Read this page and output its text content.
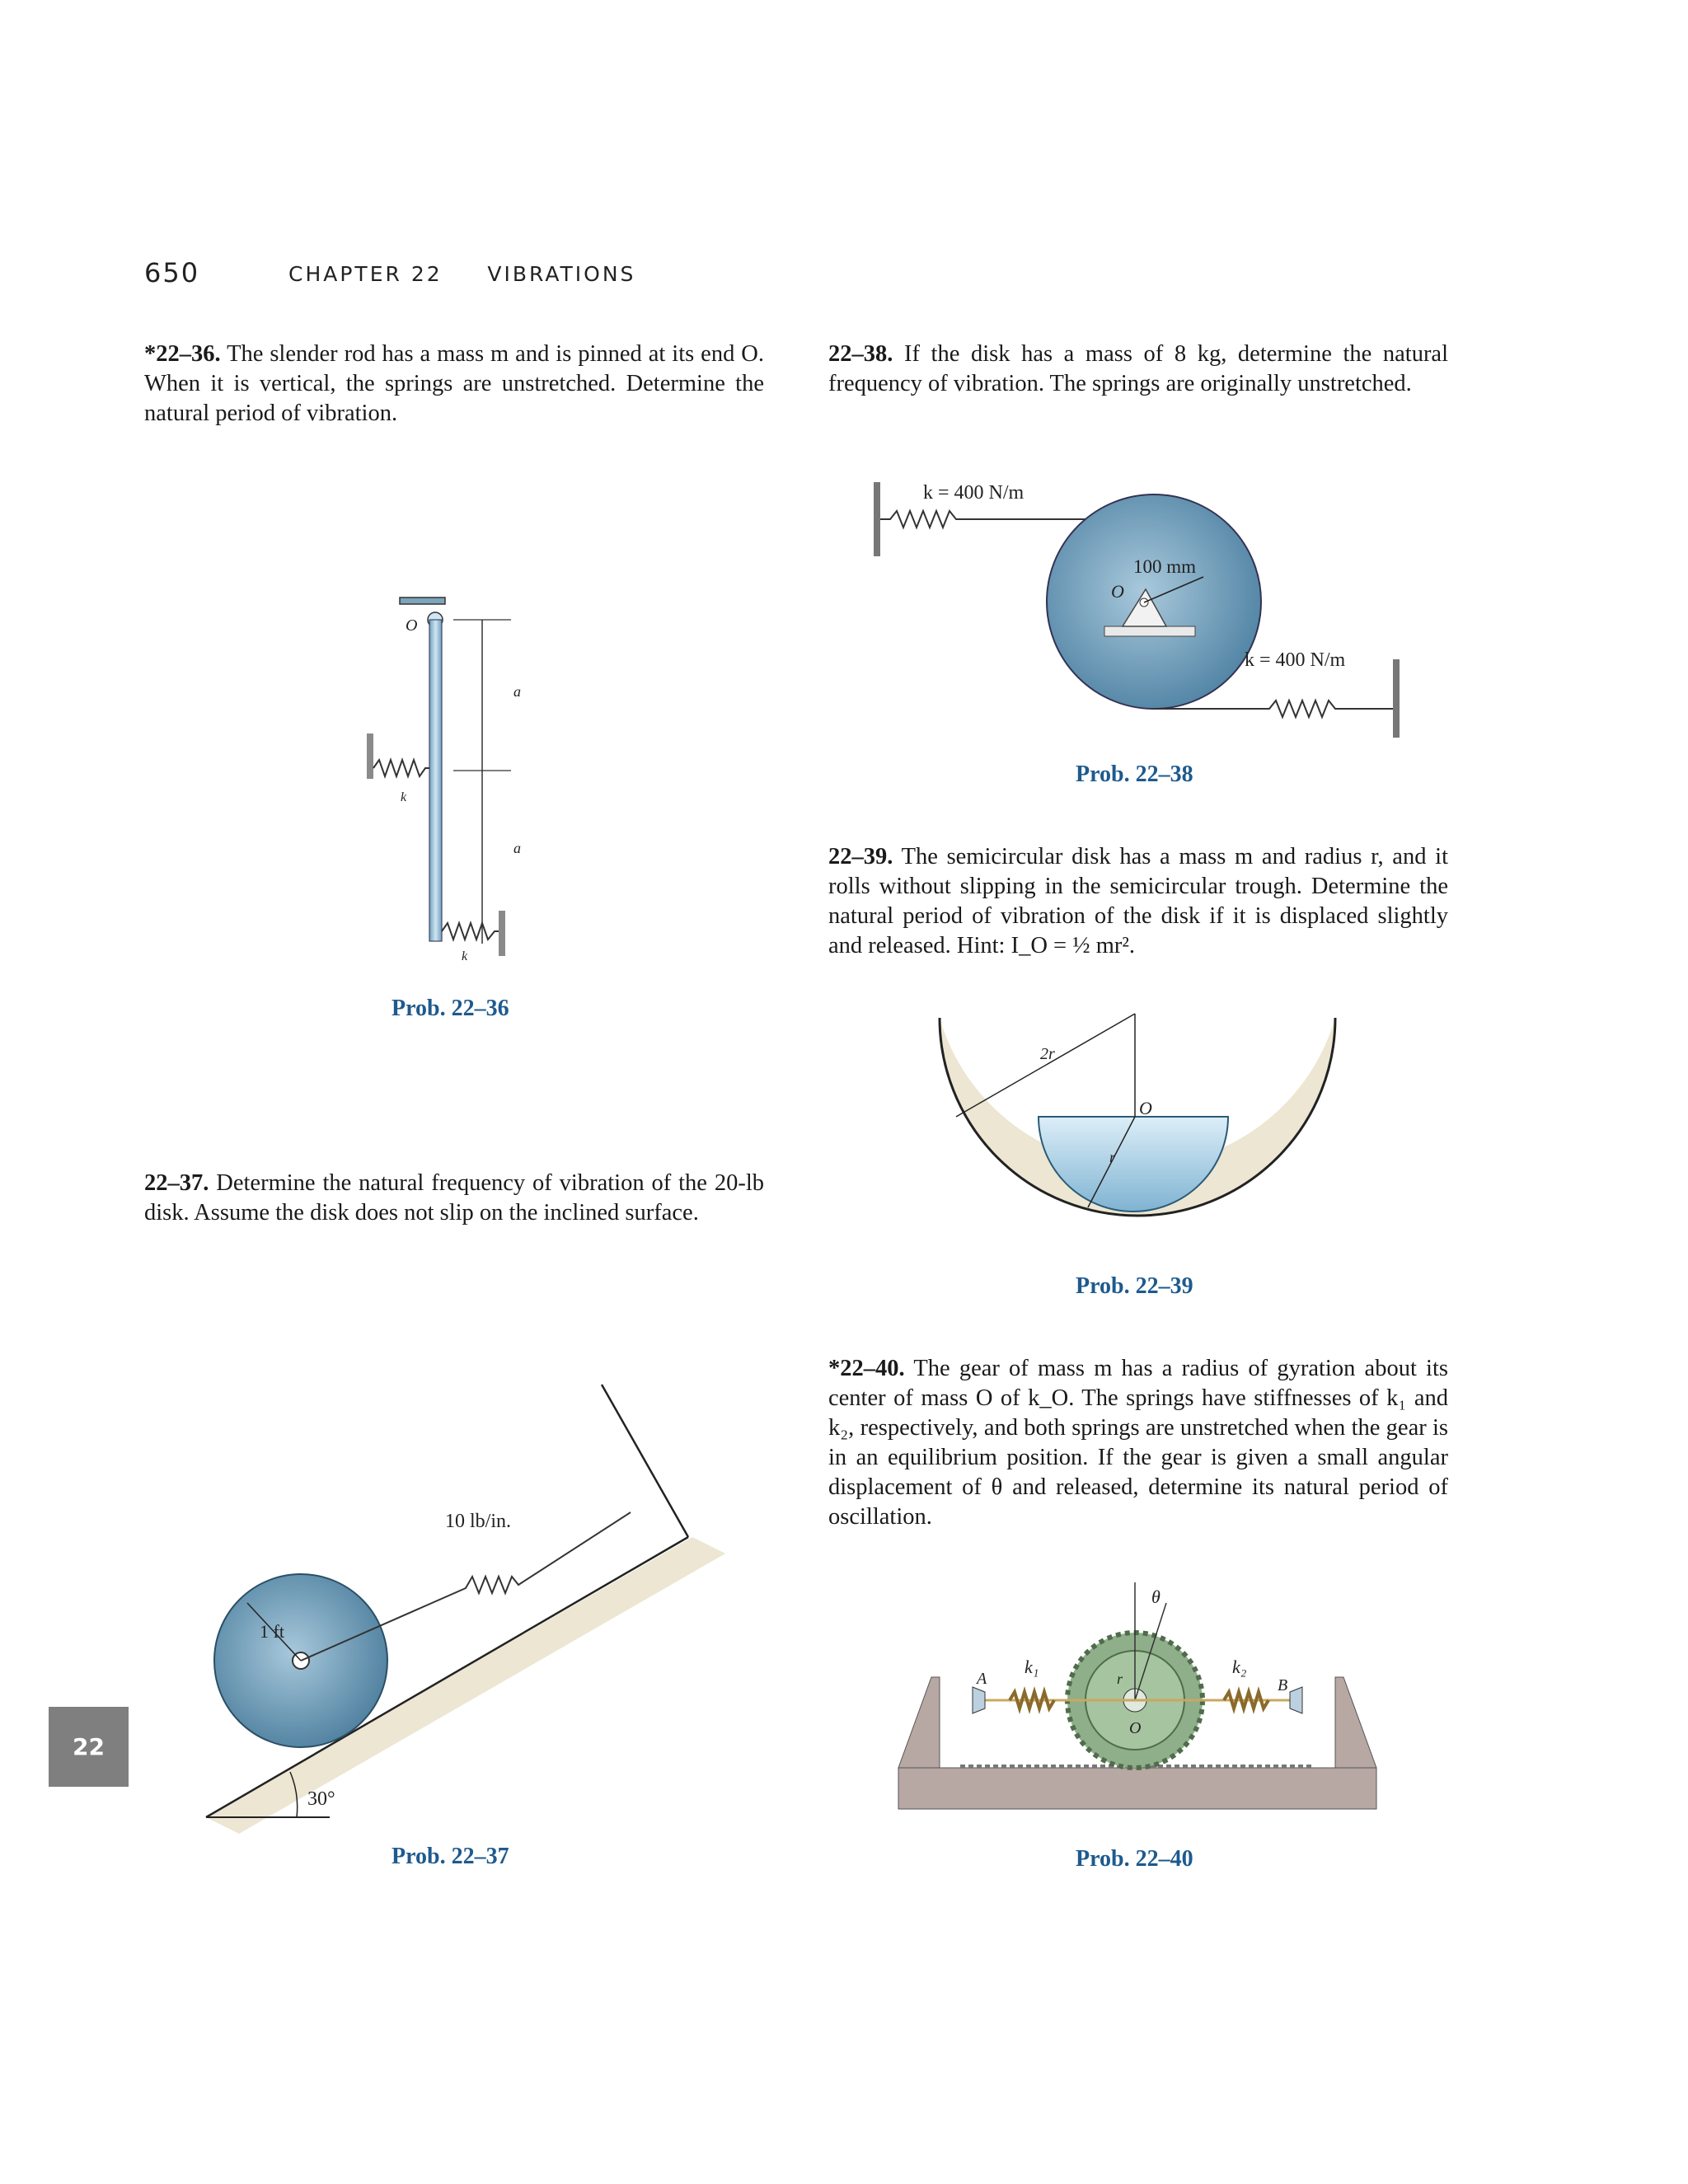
650	CHAPTER 22 VIBRATIONS
*22–36. The slender rod has a mass m and is pinned at its end O. When it is vertical, the springs are unstretched. Determine the natural period of vibration.
22–38. If the disk has a mass of 8 kg, determine the natural frequency of vibration. The springs are originally unstretched.
O
a
a
k
k
Prob. 22–36
k = 400 N/m
O
100 mm
k = 400 N/m
Prob. 22–38
22–39. The semicircular disk has a mass m and radius r, and it rolls without slipping in the semicircular trough. Determine the natural period of vibration of the disk if it is displaced slightly and released. Hint: I_O = ½ mr².
2r
O
r
Prob. 22–39
22–37. Determine the natural frequency of vibration of the 20-lb disk. Assume the disk does not slip on the inclined surface.
30°
1 ft
10 lb/in.
Prob. 22–37
*22–40. The gear of mass m has a radius of gyration about its center of mass O of k_O. The springs have stiffnesses of k₁ and k₂, respectively, and both springs are unstretched when the gear is in an equilibrium position. If the gear is given a small angular displacement of θ and released, determine its natural period of oscillation.
θ
r
O
A
k₁	k₂
B
Prob. 22–40
22
